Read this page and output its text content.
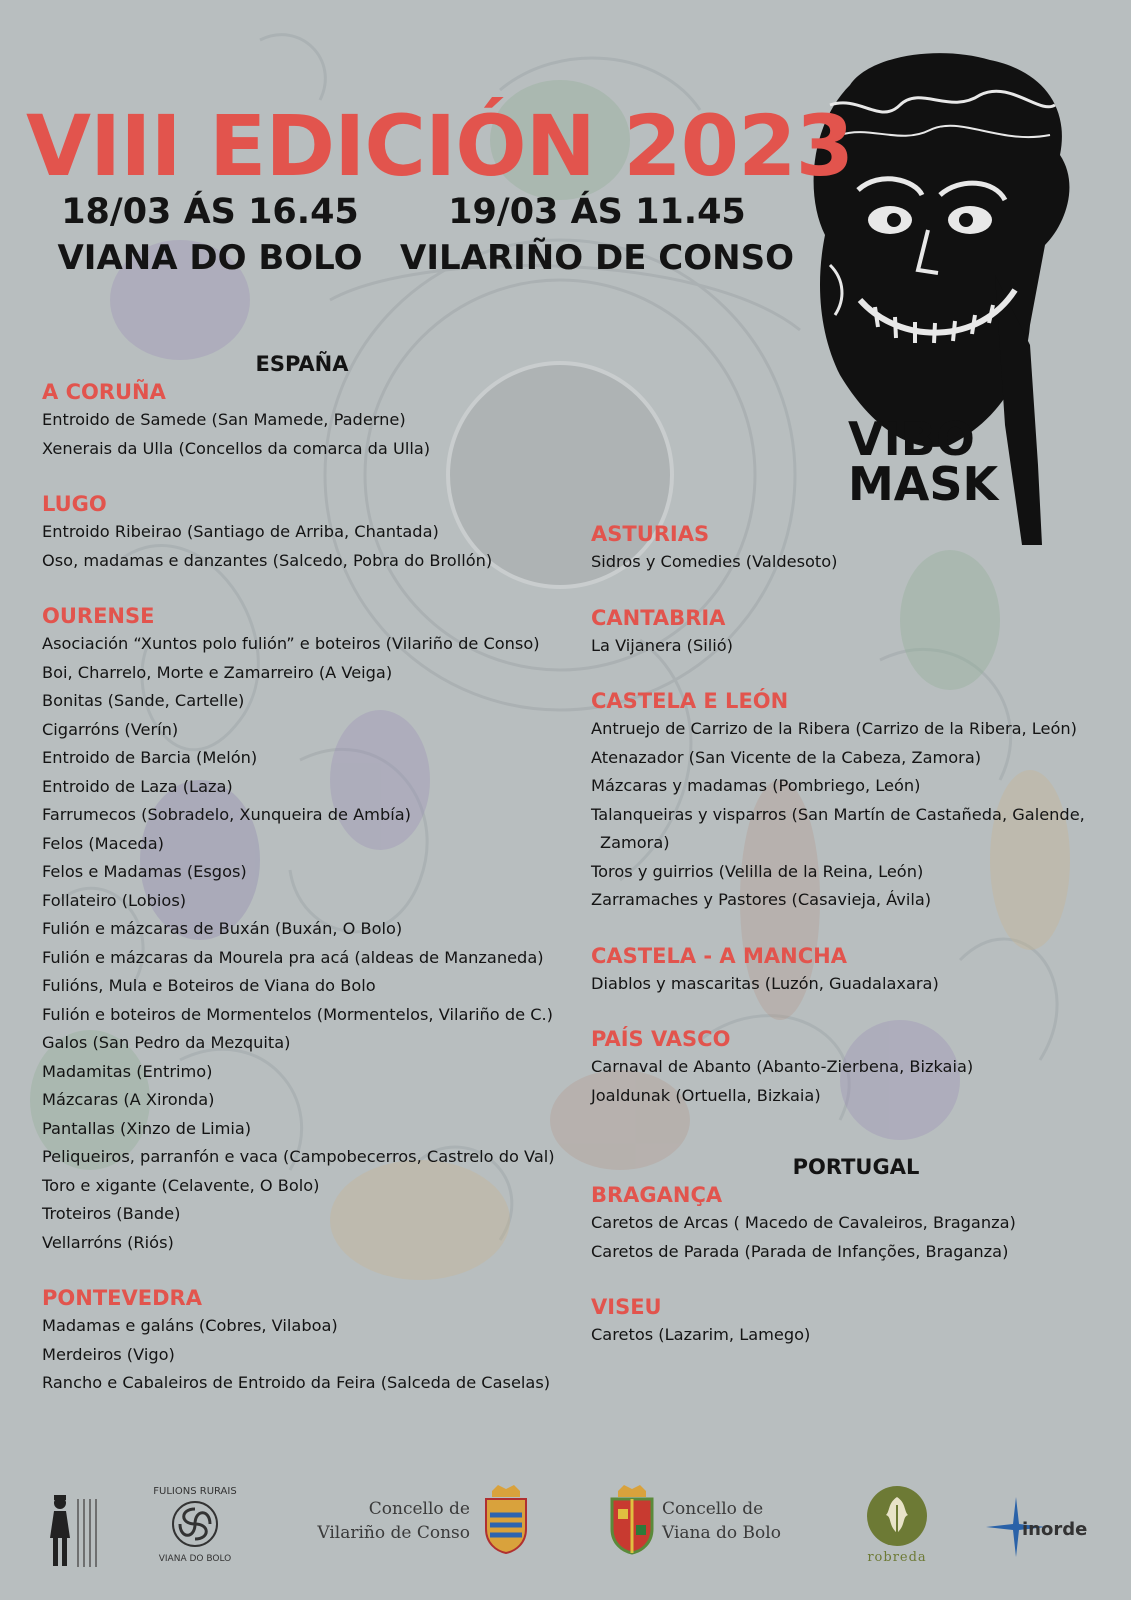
VIBO
MASK
VIII EDICIÓN 2023
18/03 ÁS 16.45
VIANA DO BOLO
19/03 ÁS 11.45
VILARIÑO DE CONSO
ESPAÑA
A CORUÑA
Entroido de Samede (San Mamede, Paderne)
Xenerais da Ulla (Concellos da comarca da Ulla)
LUGO
Entroido Ribeirao (Santiago de Arriba, Chantada)
Oso, madamas e danzantes (Salcedo, Pobra do Brollón)
OURENSE
Asociación “Xuntos polo fulión” e boteiros (Vilariño de Conso)
Boi, Charrelo, Morte e Zamarreiro (A Veiga)
Bonitas (Sande, Cartelle)
Cigarróns (Verín)
Entroido de Barcia (Melón)
Entroido de Laza (Laza)
Farrumecos (Sobradelo, Xunqueira de Ambía)
Felos (Maceda)
Felos e Madamas (Esgos)
Follateiro (Lobios)
Fulión e mázcaras de Buxán (Buxán, O Bolo)
Fulión e mázcaras da Mourela pra acá (aldeas de Manzaneda)
Fulións, Mula e Boteiros de Viana do Bolo
Fulión e boteiros de Mormentelos (Mormentelos, Vilariño de C.)
Galos (San Pedro da Mezquita)
Madamitas (Entrimo)
Mázcaras (A Xironda)
Pantallas (Xinzo de Limia)
Peliqueiros, parranfón e vaca (Campobecerros, Castrelo do Val)
Toro e xigante (Celavente, O Bolo)
Troteiros (Bande)
Vellarróns (Riós)
PONTEVEDRA
Madamas e galáns (Cobres, Vilaboa)
Merdeiros (Vigo)
Rancho e Cabaleiros de Entroido da Feira (Salceda de Caselas)
ASTURIAS
Sidros y Comedies (Valdesoto)
CANTABRIA
La Vijanera (Silió)
CASTELA E LEÓN
Antruejo de Carrizo de la Ribera (Carrizo de la Ribera, León)
Atenazador (San Vicente de la Cabeza, Zamora)
Mázcaras y madamas (Pombriego, León)
Talanqueiras y visparros (San Martín de Castañeda, Galende,
Zamora)
Toros y guirrios (Velilla de la Reina, León)
Zarramaches y Pastores (Casavieja, Ávila)
CASTELA - A MANCHA
Diablos y mascaritas (Luzón, Guadalaxara)
PAÍS VASCO
Carnaval de Abanto (Abanto-Zierbena, Bizkaia)
Joaldunak (Ortuella, Bizkaia)
PORTUGAL
BRAGANÇA
Caretos de Arcas ( Macedo de Cavaleiros, Braganza)
Caretos de Parada (Parada de Infanções, Braganza)
VISEU
Caretos (Lazarim, Lamego)
FULIONS RURAIS
VIANA DO BOLO
Concello de
Vilariño de Conso
Concello de
Viana do Bolo
robreda
inorde
